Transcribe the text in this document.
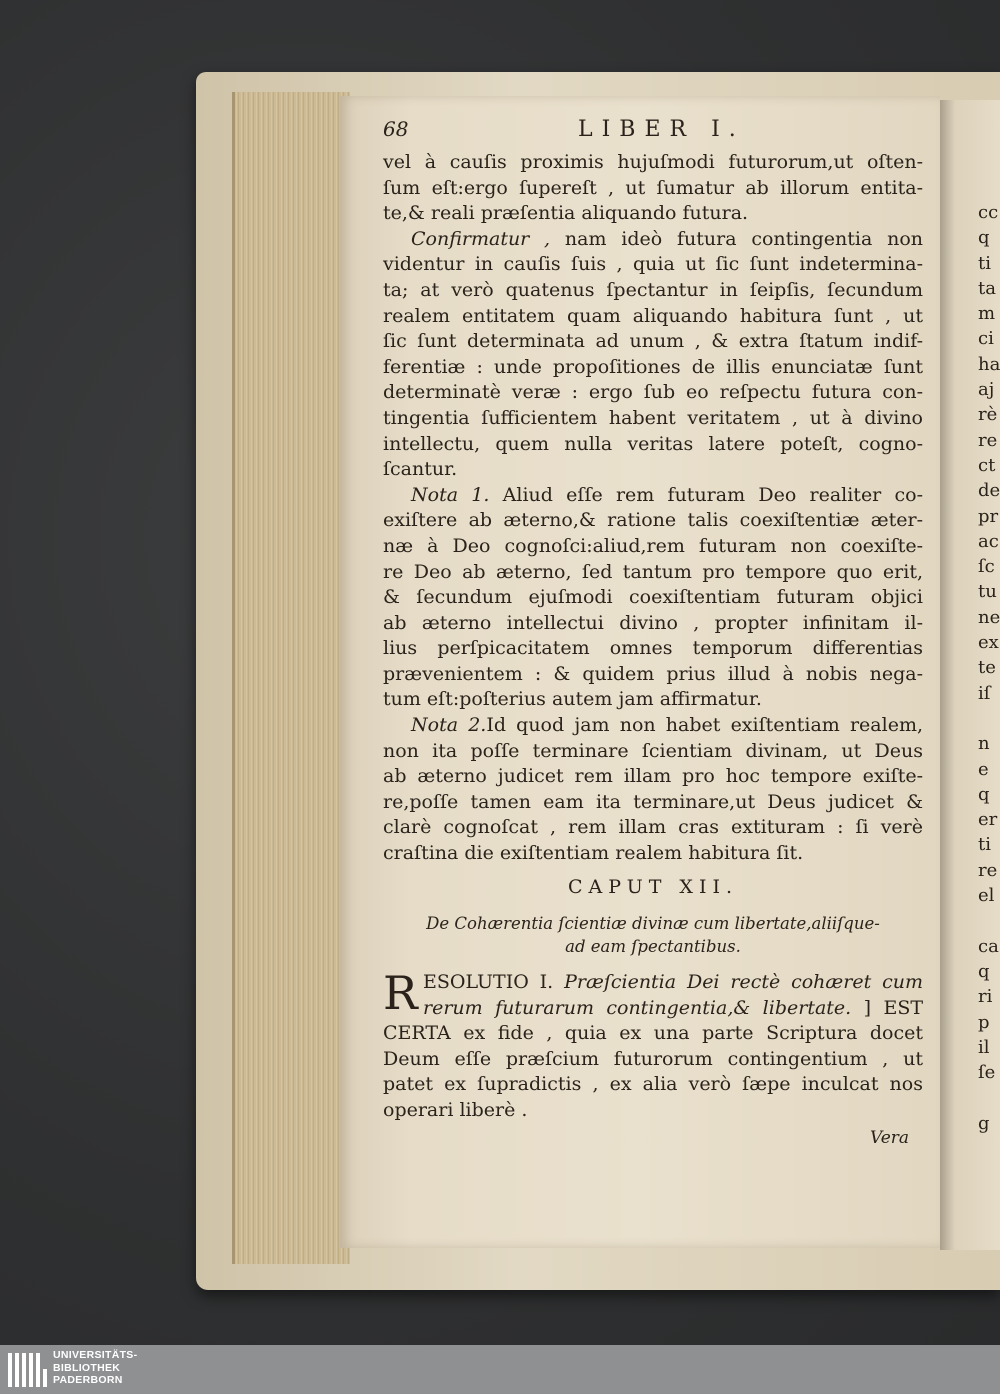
cc
q
ti
ta
m
ci
ha
aj
rè
re
ct
de
pr
ac
ſc
tu
ne
ex
te
iſ
n
e
q
er
ti
re
el
ca
q
ri
p
il
ſe
g
68	LIBER I.
vel à cauſis proximis hujuſmodi futurorum,ut oſten-
ſum eſt:ergo ſupereſt , ut ſumatur ab illorum entita-
te,& reali præſentia aliquando futura.
Confirmatur , nam ideò futura contingentia non
videntur in cauſis ſuis , quia ut ſic ſunt indetermina-
ta; at verò quatenus ſpectantur in ſeipſis, ſecundum
realem entitatem quam aliquando habitura ſunt , ut
ſic ſunt determinata ad unum , & extra ſtatum indif-
ferentiæ : unde propoſitiones de illis enunciatæ ſunt
determinatè veræ : ergo ſub eo reſpectu futura con-
tingentia ſufficientem habent veritatem , ut à divino
intellectu, quem nulla veritas latere poteſt, cogno-
ſcantur.
Nota 1. Aliud eſſe rem futuram Deo realiter co-
exiſtere ab æterno,& ratione talis coexiſtentiæ æter-
næ à Deo cognoſci:aliud,rem futuram non coexiſte-
re Deo ab æterno, ſed tantum pro tempore quo erit,
& ſecundum ejuſmodi coexiſtentiam futuram objici
ab æterno intellectui divino , propter infinitam il-
lius perſpicacitatem omnes temporum differentias
prævenientem : & quidem prius illud à nobis nega-
tum eſt:poſterius autem jam affirmatur.
Nota 2.Id quod jam non habet exiſtentiam realem,
non ita poſſe terminare ſcientiam divinam, ut Deus
ab æterno judicet rem illam pro hoc tempore exiſte-
re,poſſe tamen eam ita terminare,ut Deus judicet &
clarè cognoſcat , rem illam cras extituram : ſi verè
craſtina die exiſtentiam realem habitura ſit.
CAPUT XII.
De Cohærentia ſcientiæ divinæ cum libertate,aliiſque-
ad eam ſpectantibus.
R ESOLUTIO I. Præſcientia Dei rectè cohæret cum
rerum futurarum contingentia,& libertate. ] EST
CERTA ex fide , quia ex una parte Scriptura docet
Deum eſſe præſcium futurorum contingentium , ut
patet ex ſupradictis , ex alia verò ſæpe inculcat nos
operari liberè .
Vera
UNIVERSITÄTS-
BIBLIOTHEK
PADERBORN
